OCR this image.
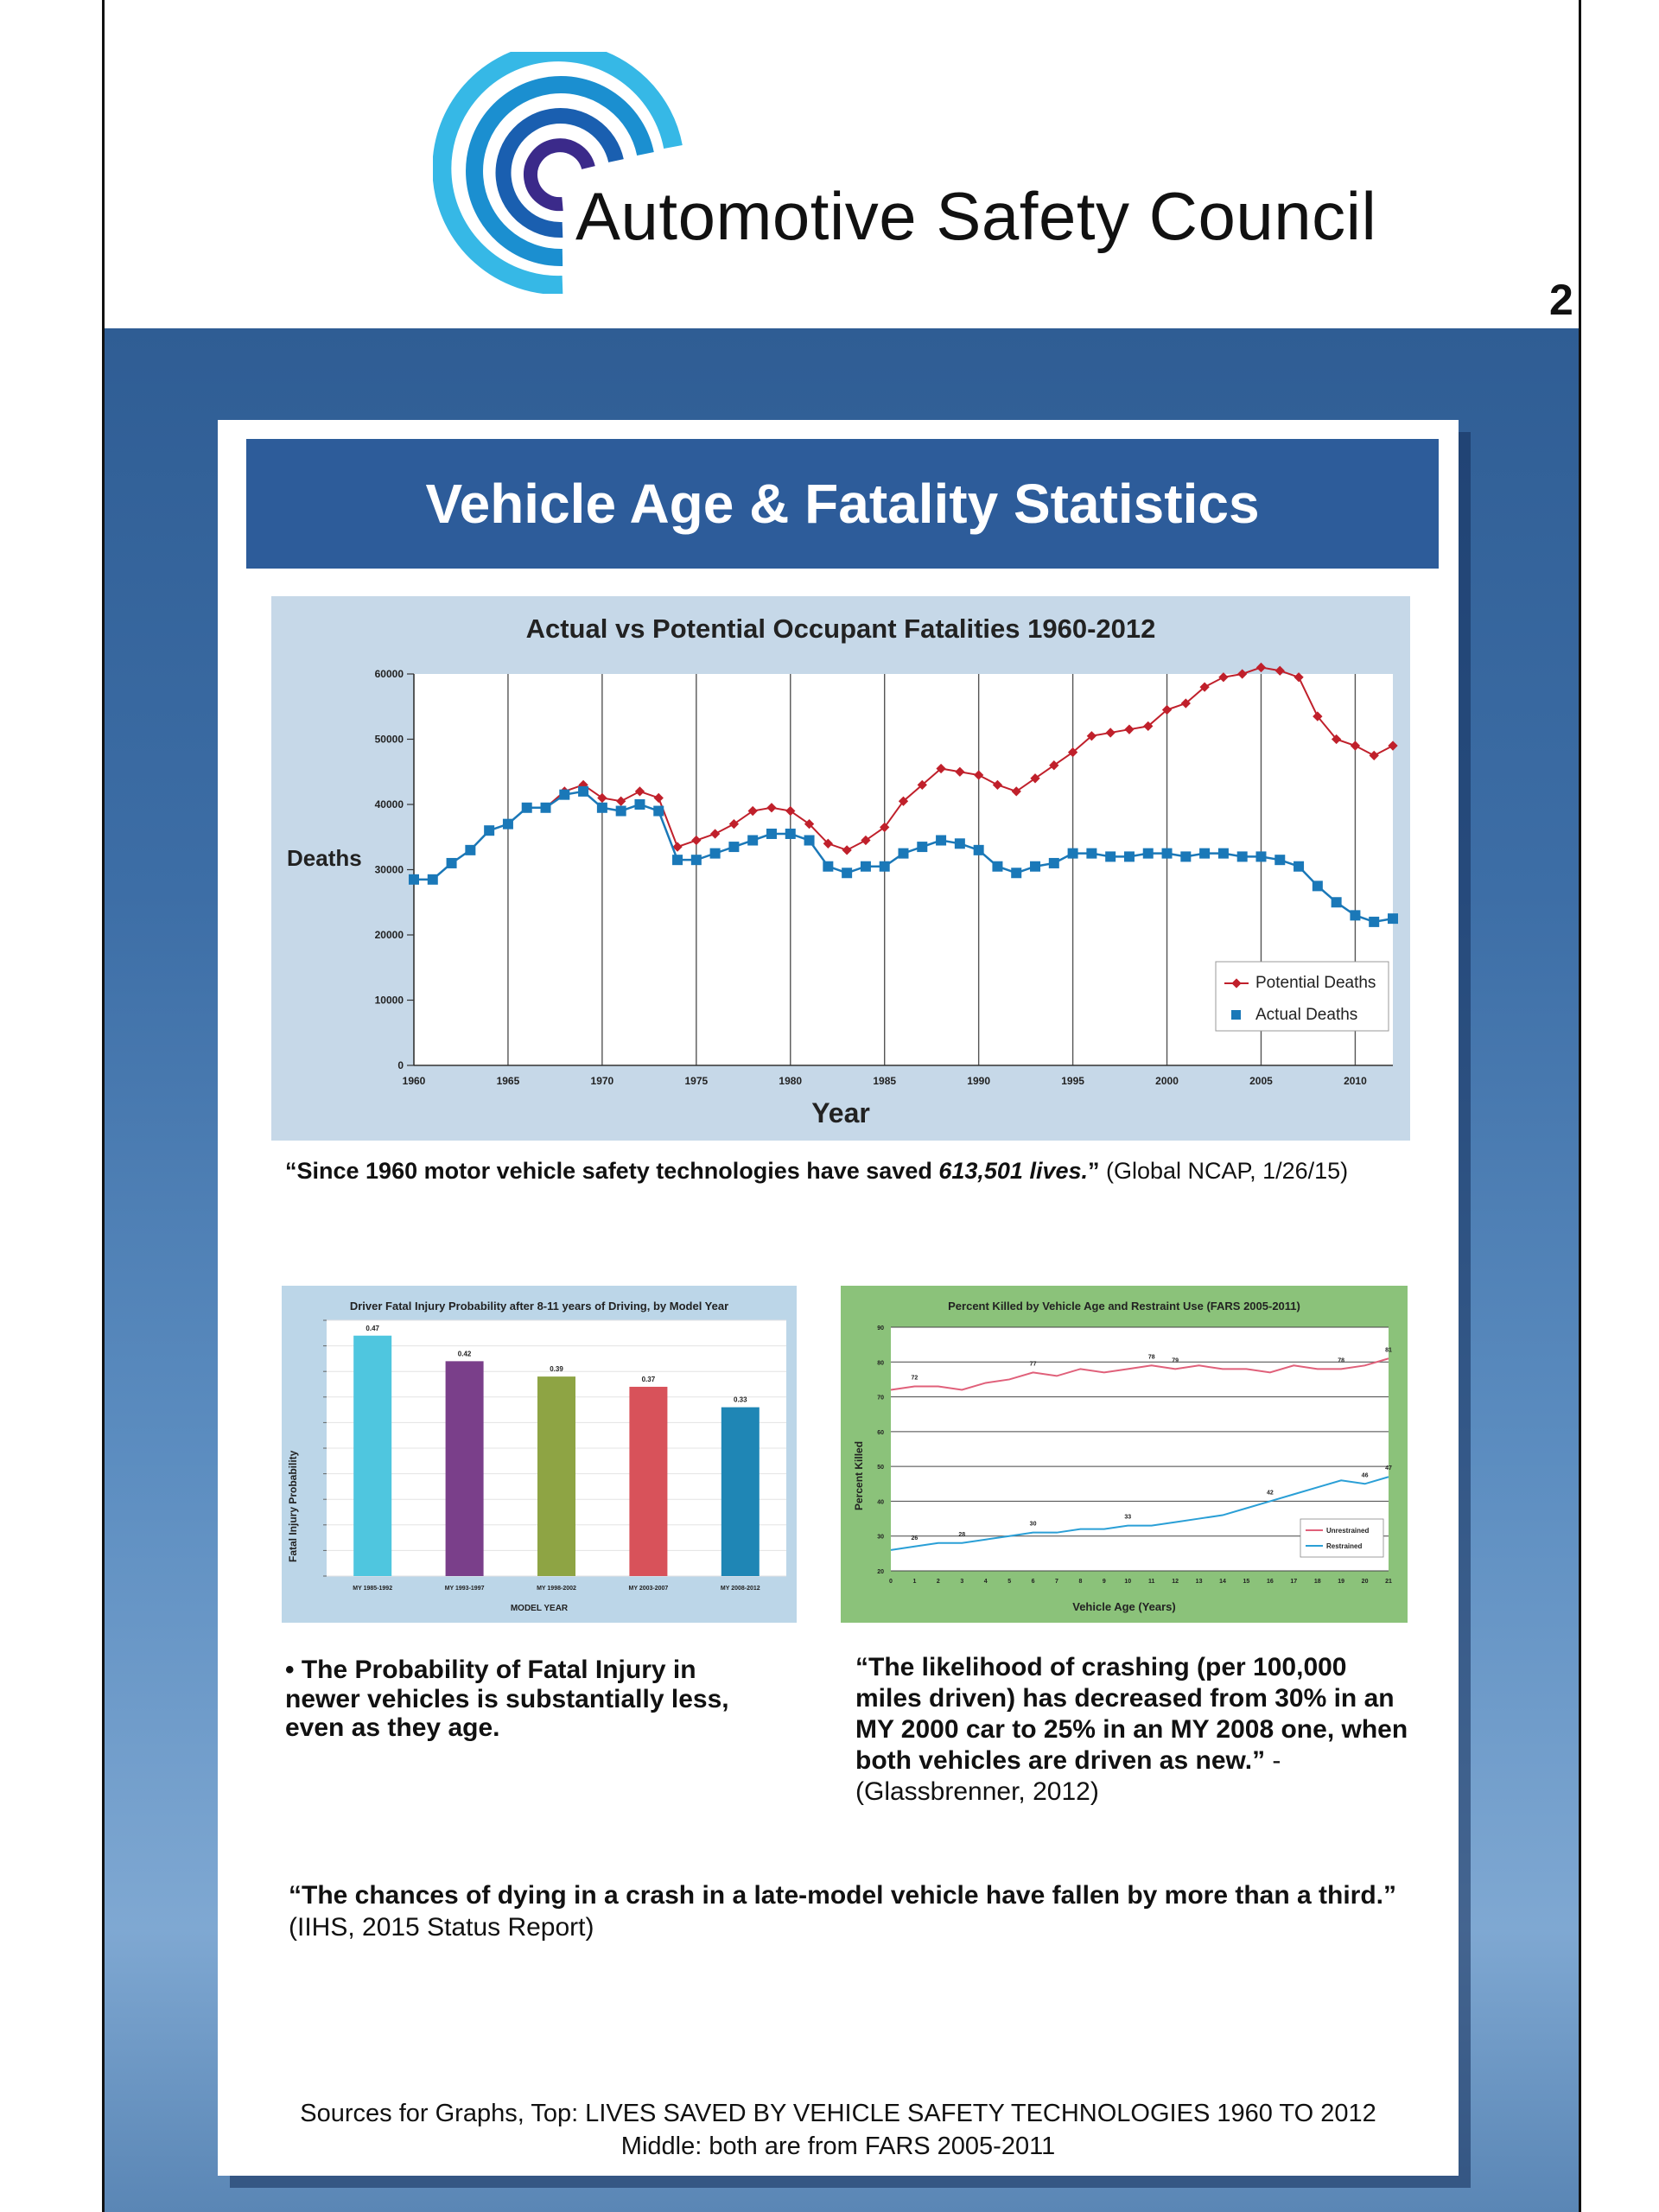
Automotive Safety Council
2
Vehicle Age & Fatality Statistics
1960	1965	1970	1975	1980	1985	1990	1995	2000	2005	2010
0
10000
20000
30000
40000
50000
60000
Potential Deaths
Actual Deaths
Actual vs Potential Occupant Fatalities 1960-2012
Deaths
Year
“Since 1960 motor vehicle safety technologies have saved 613,501 lives.” (Global NCAP, 1/26/15)
0.47
MY 1985-1992
0.42
MY 1993-1997
0.39
MY 1998-2002
0.37
MY 2003-2007
0.33
MY 2008-2012
Driver Fatal Injury Probability after 8-11 years of Driving, by Model Year
Fatal Injury Probability
MODEL YEAR
20
30
40
50
60
70
80
90
0	1	2	3	4	5	6	7	8	9	10	11	12	13	14	15	16	17	18	19	20	21
72
77
78
79	78
81
26
28
30
33
42
46
47
Unrestrained
Restrained
Percent Killed by Vehicle Age and Restraint Use (FARS 2005-2011)
Percent Killed
Vehicle Age (Years)
• The Probability of Fatal Injury in newer vehicles is substantially less, even as they age.
“The likelihood of crashing (per 100,000 miles driven) has decreased from 30% in an MY 2000 car to 25% in an MY 2008 one, when both vehicles are driven as new.” - (Glassbrenner, 2012)
“The chances of dying in a crash in a late-model vehicle have fallen by more than a third.” (IIHS, 2015 Status Report)
Sources for Graphs, Top: LIVES SAVED BY VEHICLE SAFETY TECHNOLOGIES 1960 TO 2012
Middle: both are from FARS 2005-2011
